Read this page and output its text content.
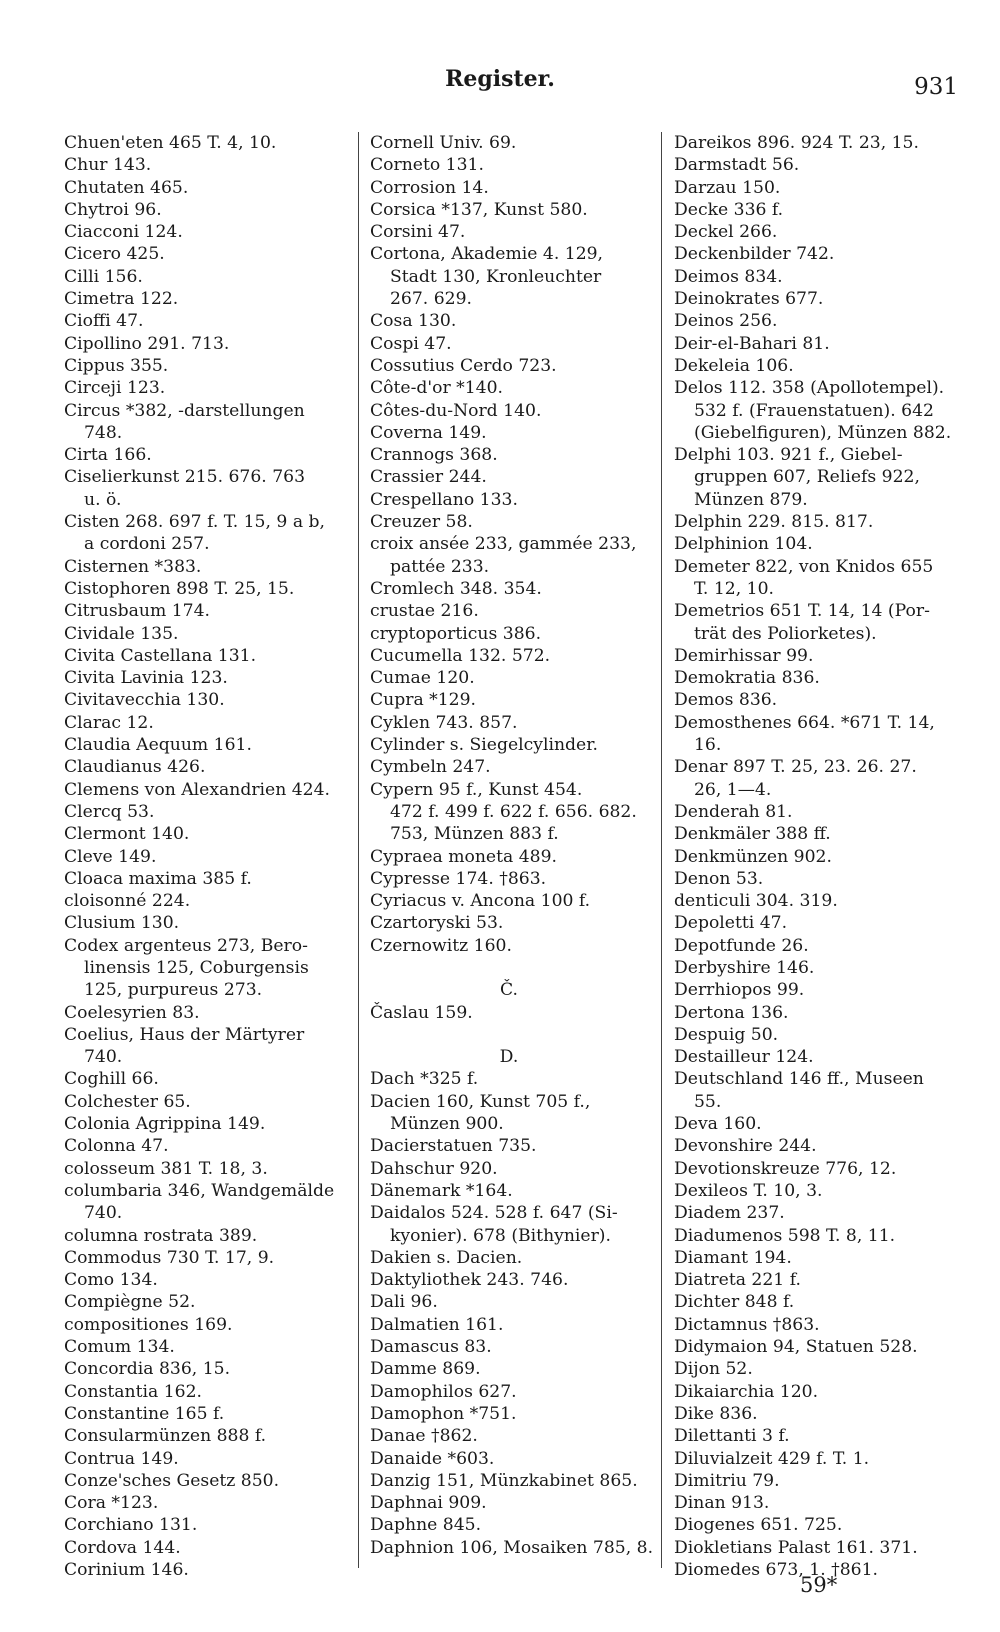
Register.	931
Chuen'eten 465 T. 4, 10.
Chur 143.
Chutaten 465.
Chytroi 96.
Ciacconi 124.
Cicero 425.
Cilli 156.
Cimetra 122.
Cioffi 47.
Cipollino 291. 713.
Cippus 355.
Circeji 123.
Circus *382, -darstellungen
748.
Cirta 166.
Ciselierkunst 215. 676. 763
u. ö.
Cisten 268. 697 f. T. 15, 9 a b,
a cordoni 257.
Cisternen *383.
Cistophoren 898 T. 25, 15.
Citrusbaum 174.
Cividale 135.
Civita Castellana 131.
Civita Lavinia 123.
Civitavecchia 130.
Clarac 12.
Claudia Aequum 161.
Claudianus 426.
Clemens von Alexandrien 424.
Clercq 53.
Clermont 140.
Cleve 149.
Cloaca maxima 385 f.
cloisonné 224.
Clusium 130.
Codex argenteus 273, Bero-
linensis 125, Coburgensis
125, purpureus 273.
Coelesyrien 83.
Coelius, Haus der Märtyrer
740.
Coghill 66.
Colchester 65.
Colonia Agrippina 149.
Colonna 47.
colosseum 381 T. 18, 3.
columbaria 346, Wandgemälde
740.
columna rostrata 389.
Commodus 730 T. 17, 9.
Como 134.
Compiègne 52.
compositiones 169.
Comum 134.
Concordia 836, 15.
Constantia 162.
Constantine 165 f.
Consularmünzen 888 f.
Contrua 149.
Conze'sches Gesetz 850.
Cora *123.
Corchiano 131.
Cordova 144.
Corinium 146.
Cornell Univ. 69.
Corneto 131.
Corrosion 14.
Corsica *137, Kunst 580.
Corsini 47.
Cortona, Akademie 4. 129,
Stadt 130, Kronleuchter
267. 629.
Cosa 130.
Cospi 47.
Cossutius Cerdo 723.
Côte-d'or *140.
Côtes-du-Nord 140.
Coverna 149.
Crannogs 368.
Crassier 244.
Crespellano 133.
Creuzer 58.
croix ansée 233, gammée 233,
pattée 233.
Cromlech 348. 354.
crustae 216.
cryptoporticus 386.
Cucumella 132. 572.
Cumae 120.
Cupra *129.
Cyklen 743. 857.
Cylinder s. Siegelcylinder.
Cymbeln 247.
Cypern 95 f., Kunst 454.
472 f. 499 f. 622 f. 656. 682.
753, Münzen 883 f.
Cypraea moneta 489.
Cypresse 174. †863.
Cyriacus v. Ancona 100 f.
Czartoryski 53.
Czernowitz 160.
Č.
Časlau 159.
D.
Dach *325 f.
Dacien 160, Kunst 705 f.,
Münzen 900.
Dacierstatuen 735.
Dahschur 920.
Dänemark *164.
Daidalos 524. 528 f. 647 (Si-
kyonier). 678 (Bithynier).
Dakien s. Dacien.
Daktyliothek 243. 746.
Dali 96.
Dalmatien 161.
Damascus 83.
Damme 869.
Damophilos 627.
Damophon *751.
Danae †862.
Danaide *603.
Danzig 151, Münzkabinet 865.
Daphnai 909.
Daphne 845.
Daphnion 106, Mosaiken 785, 8.
Dareikos 896. 924 T. 23, 15.
Darmstadt 56.
Darzau 150.
Decke 336 f.
Deckel 266.
Deckenbilder 742.
Deimos 834.
Deinokrates 677.
Deinos 256.
Deir-el-Bahari 81.
Dekeleia 106.
Delos 112. 358 (Apollotempel).
532 f. (Frauenstatuen). 642
(Giebelfiguren), Münzen 882.
Delphi 103. 921 f., Giebel-
gruppen 607, Reliefs 922,
Münzen 879.
Delphin 229. 815. 817.
Delphinion 104.
Demeter 822, von Knidos 655
T. 12, 10.
Demetrios 651 T. 14, 14 (Por-
trät des Poliorketes).
Demirhissar 99.
Demokratia 836.
Demos 836.
Demosthenes 664. *671 T. 14,
16.
Denar 897 T. 25, 23. 26. 27.
26, 1—4.
Denderah 81.
Denkmäler 388 ff.
Denkmünzen 902.
Denon 53.
denticuli 304. 319.
Depoletti 47.
Depotfunde 26.
Derbyshire 146.
Derrhiopos 99.
Dertona 136.
Despuig 50.
Destailleur 124.
Deutschland 146 ff., Museen
55.
Deva 160.
Devonshire 244.
Devotionskreuze 776, 12.
Dexileos T. 10, 3.
Diadem 237.
Diadumenos 598 T. 8, 11.
Diamant 194.
Diatreta 221 f.
Dichter 848 f.
Dictamnus †863.
Didymaion 94, Statuen 528.
Dijon 52.
Dikaiarchia 120.
Dike 836.
Dilettanti 3 f.
Diluvialzeit 429 f. T. 1.
Dimitriu 79.
Dinan 913.
Diogenes 651. 725.
Diokletians Palast 161. 371.
Diomedes 673, 1. †861.
59*
